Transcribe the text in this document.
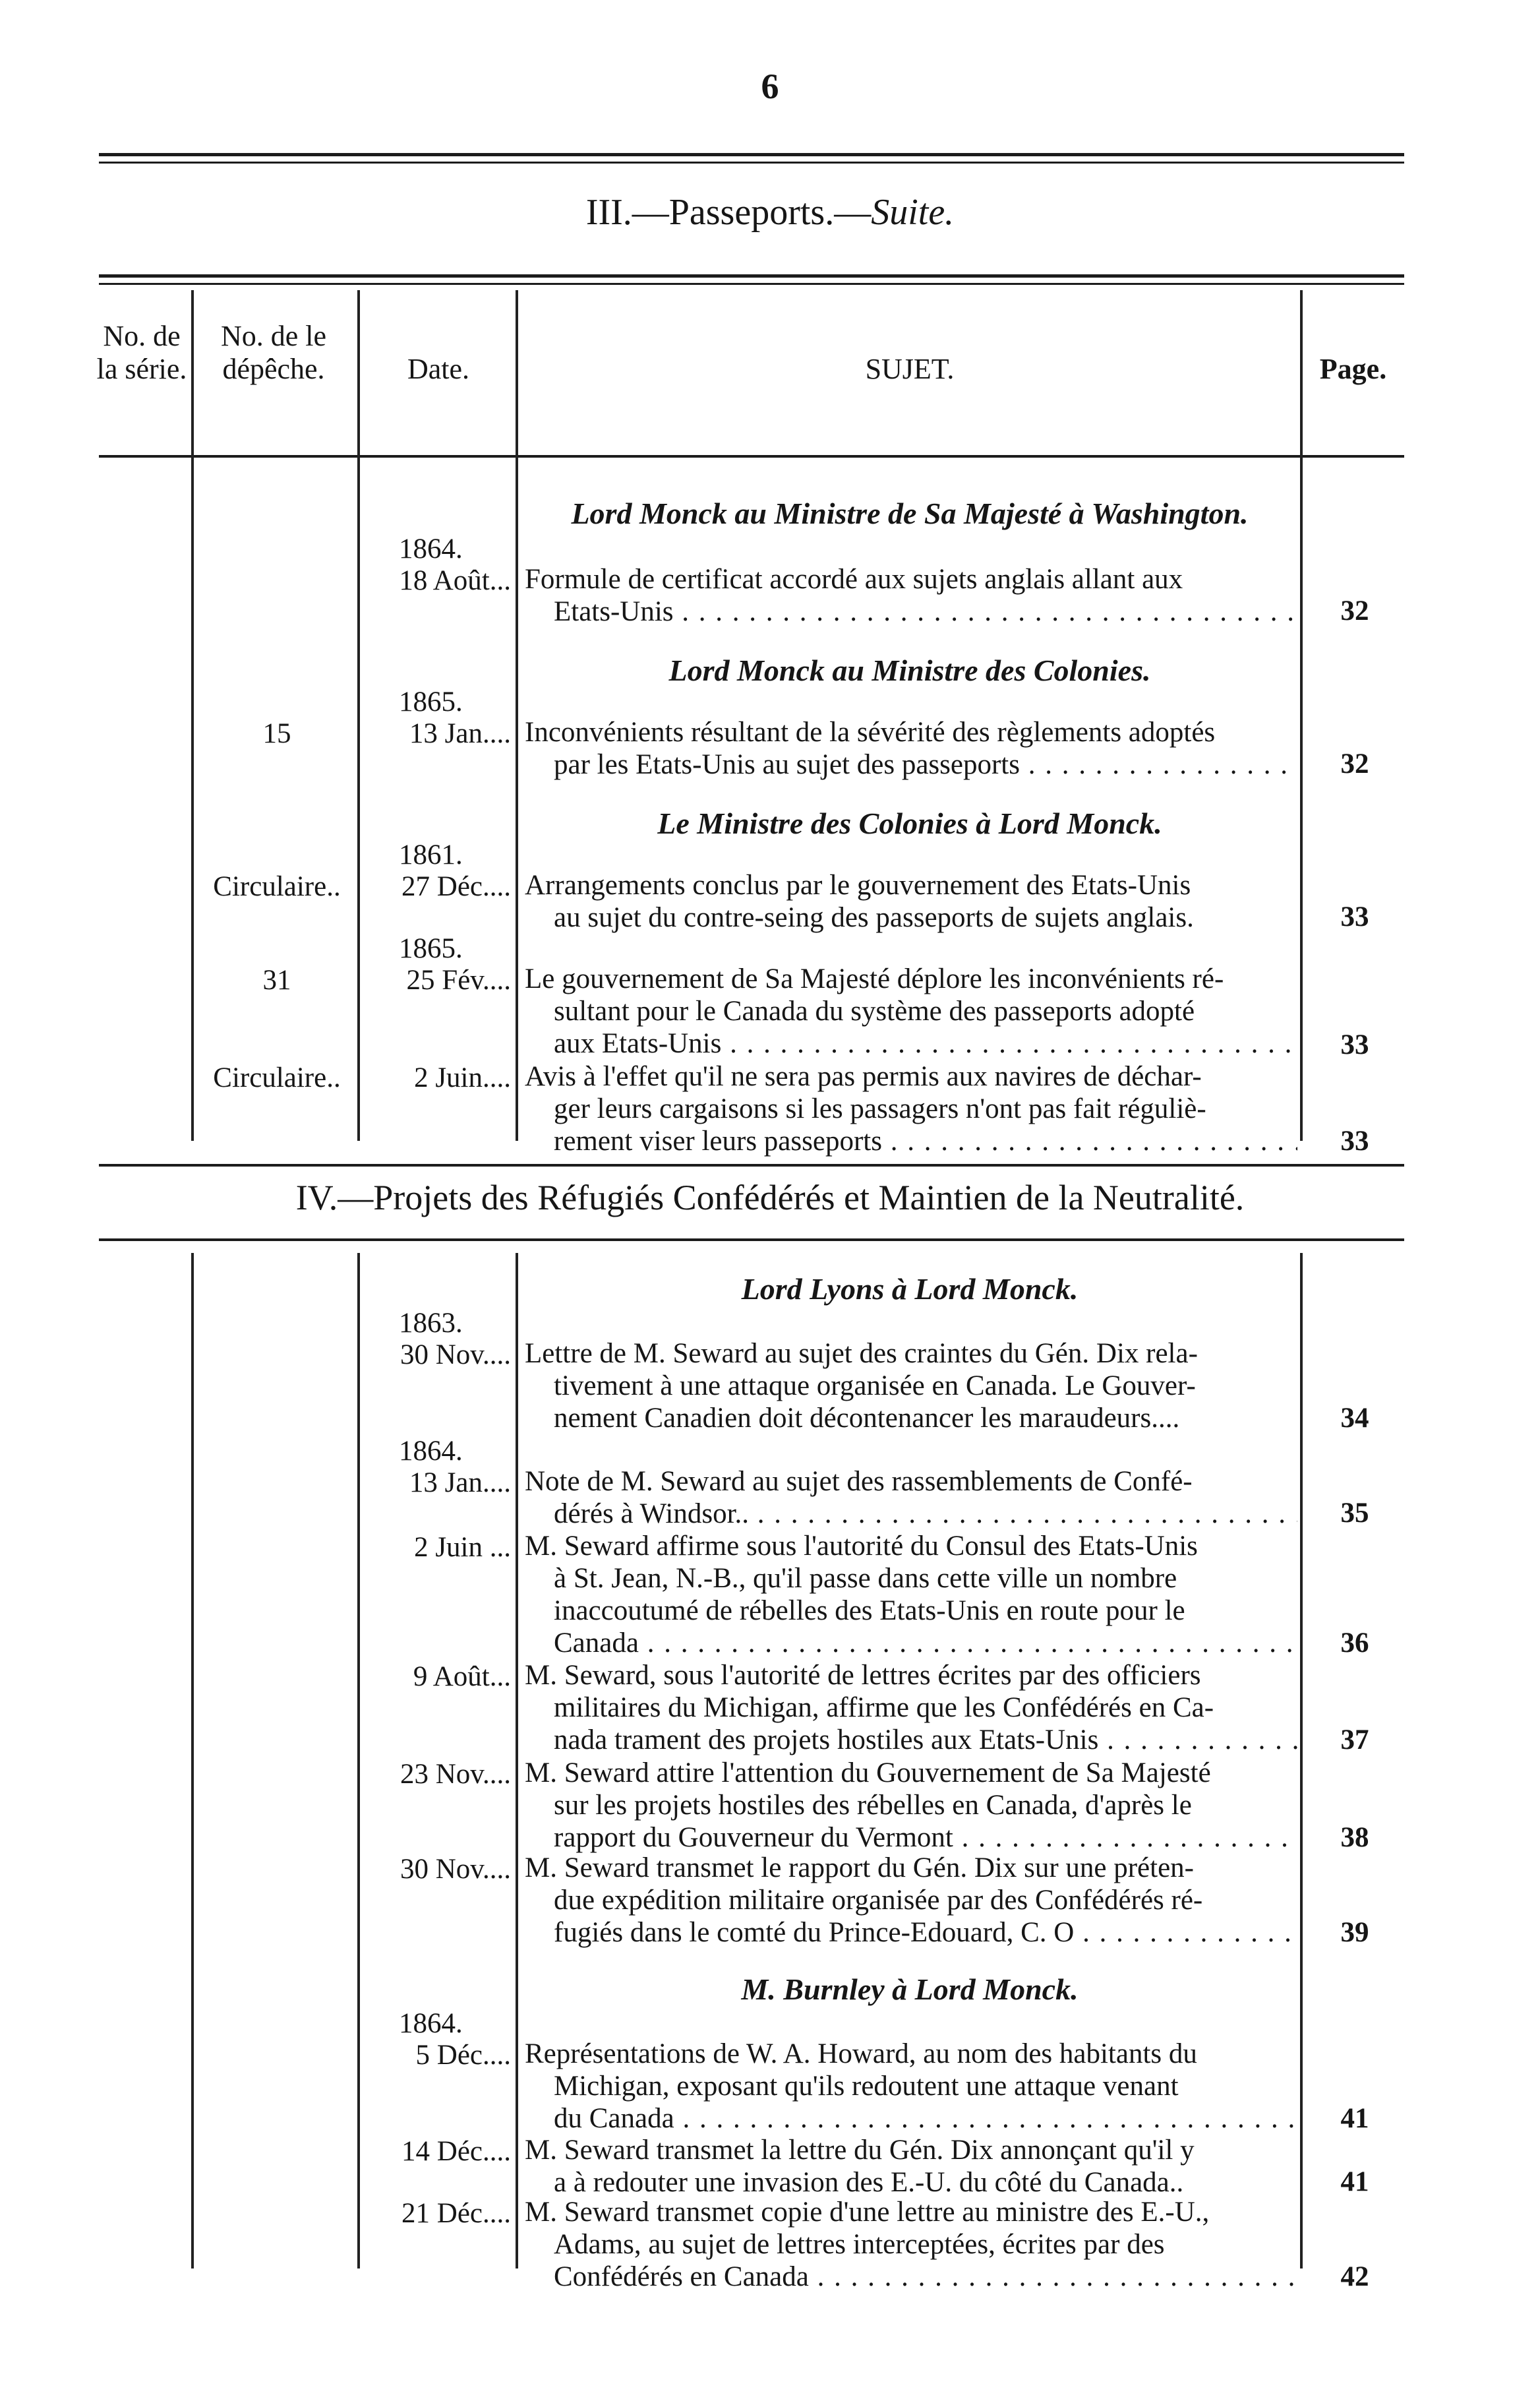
6
III.—Passeports.—Suite.
No. de la série.
No. de le dépêche.	Date.	SUJET.	Page.
Lord Monck au Ministre de Sa Majesté à Washington.
1864.
18 Août... Formule de certificat accordé aux sujets anglais allant aux
Etats-Unis . . .	32
Lord Monck au Ministre des Colonies.
1865.
15	13 Jan.... Inconvénients résultant de la sévérité des règlements adoptés
par les Etats-Unis au sujet des passeports . . .	32
Le Ministre des Colonies à Lord Monck.
1861.
Circulaire..	27 Déc.... Arrangements conclus par le gouvernement des Etats-Unis
au sujet du contre-seing des passeports de sujets anglais.	33
1865.
31	25 Fév.... Le gouvernement de Sa Majesté déplore les inconvénients ré-
sultant pour le Canada du système des passeports adopté
aux Etats-Unis . . .	33
Circulaire..	2 Juin.... Avis à l'effet qu'il ne sera pas permis aux navires de déchar-
ger leurs cargaisons si les passagers n'ont pas fait réguliè-
rement viser leurs passeports . . .	33
IV.—Projets des Réfugiés Confédérés et Maintien de la Neutralité.
Lord Lyons à Lord Monck.
1863.
30 Nov.... Lettre de M. Seward au sujet des craintes du Gén. Dix rela-
tivement à une attaque organisée en Canada. Le Gouver-
nement Canadien doit décontenancer les maraudeurs....	34
1864.
13 Jan.... Note de M. Seward au sujet des rassemblements de Confé-
dérés à Windsor.. . . .	35
2 Juin ... M. Seward affirme sous l'autorité du Consul des Etats-Unis
à St. Jean, N.-B., qu'il passe dans cette ville un nombre
inaccoutumé de rébelles des Etats-Unis en route pour le
Canada . . .	36
9 Août... M. Seward, sous l'autorité de lettres écrites par des officiers
militaires du Michigan, affirme que les Confédérés en Ca-
nada trament des projets hostiles aux Etats-Unis . . .	37
23 Nov.... M. Seward attire l'attention du Gouvernement de Sa Majesté
sur les projets hostiles des rébelles en Canada, d'après le
rapport du Gouverneur du Vermont . . .	38
30 Nov.... M. Seward transmet le rapport du Gén. Dix sur une préten-
due expédition militaire organisée par des Confédérés ré-
fugiés dans le comté du Prince-Edouard, C. O . . .	39
M. Burnley à Lord Monck.
1864.
5 Déc.... Représentations de W. A. Howard, au nom des habitants du
Michigan, exposant qu'ils redoutent une attaque venant
du Canada . . .	41
14 Déc.... M. Seward transmet la lettre du Gén. Dix annonçant qu'il y
a à redouter une invasion des E.-U. du côté du Canada..	41
21 Déc.... M. Seward transmet copie d'une lettre au ministre des E.-U.,
Adams, au sujet de lettres interceptées, écrites par des
Confédérés en Canada . . .	42
